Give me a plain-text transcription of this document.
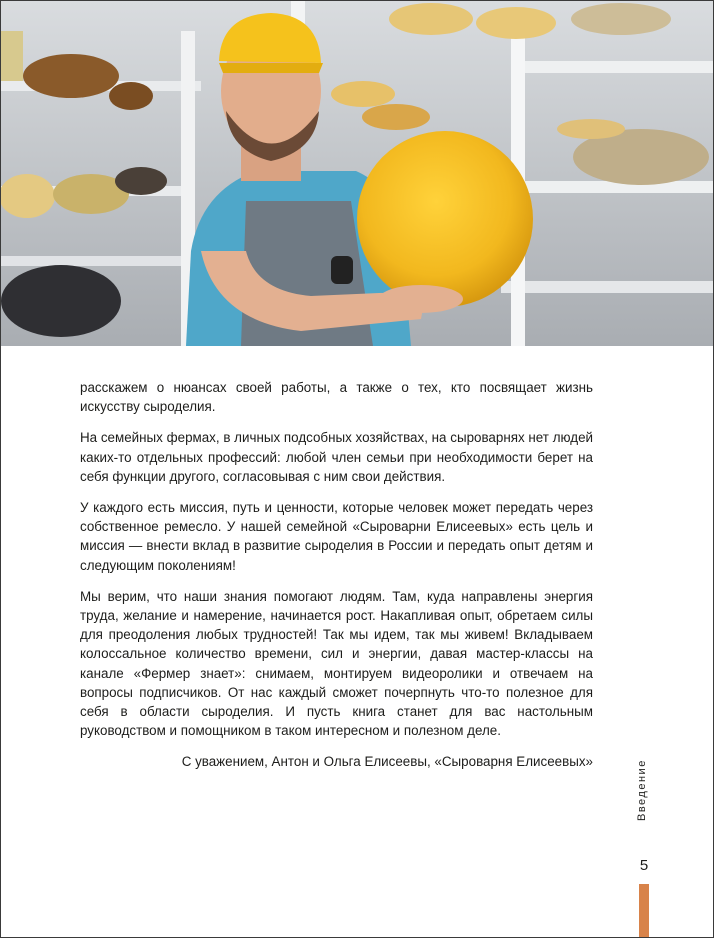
расскажем о нюансах своей работы, а также о тех, кто посвящает жизнь искусству сыроделия.

На семейных фермах, в личных подсобных хозяйствах, на сыроварнях нет людей каких-то отдельных профессий: любой член семьи при необходимости берет на себя функции другого, согласовывая с ним свои действия.

У каждого есть миссия, путь и ценности, которые человек может передать через собственное ремесло. У нашей семейной «Сыроварни Елисеевых» есть цель и миссия — внести вклад в развитие сыроделия в России и передать опыт детям и следующим поколениям!

Мы верим, что наши знания помогают людям. Там, куда направлены энергия труда, желание и намерение, начинается рост. Накапливая опыт, обретаем силы для преодоления любых трудностей! Так мы идем, так мы живем! Вкладываем колоссальное количество времени, сил и энергии, давая мастер-классы на канале «Фермер знает»: снимаем, монтируем видеоролики и отвечаем на вопросы подписчиков. От нас каждый сможет почерпнуть что-то полезное для себя в области сыроделия. И пусть книга станет для вас настольным руководством и помощником в таком интересном и полезном деле.

С уважением, Антон и Ольга Елисеевы, «Сыроварня Елисеевых»	Введение
5
